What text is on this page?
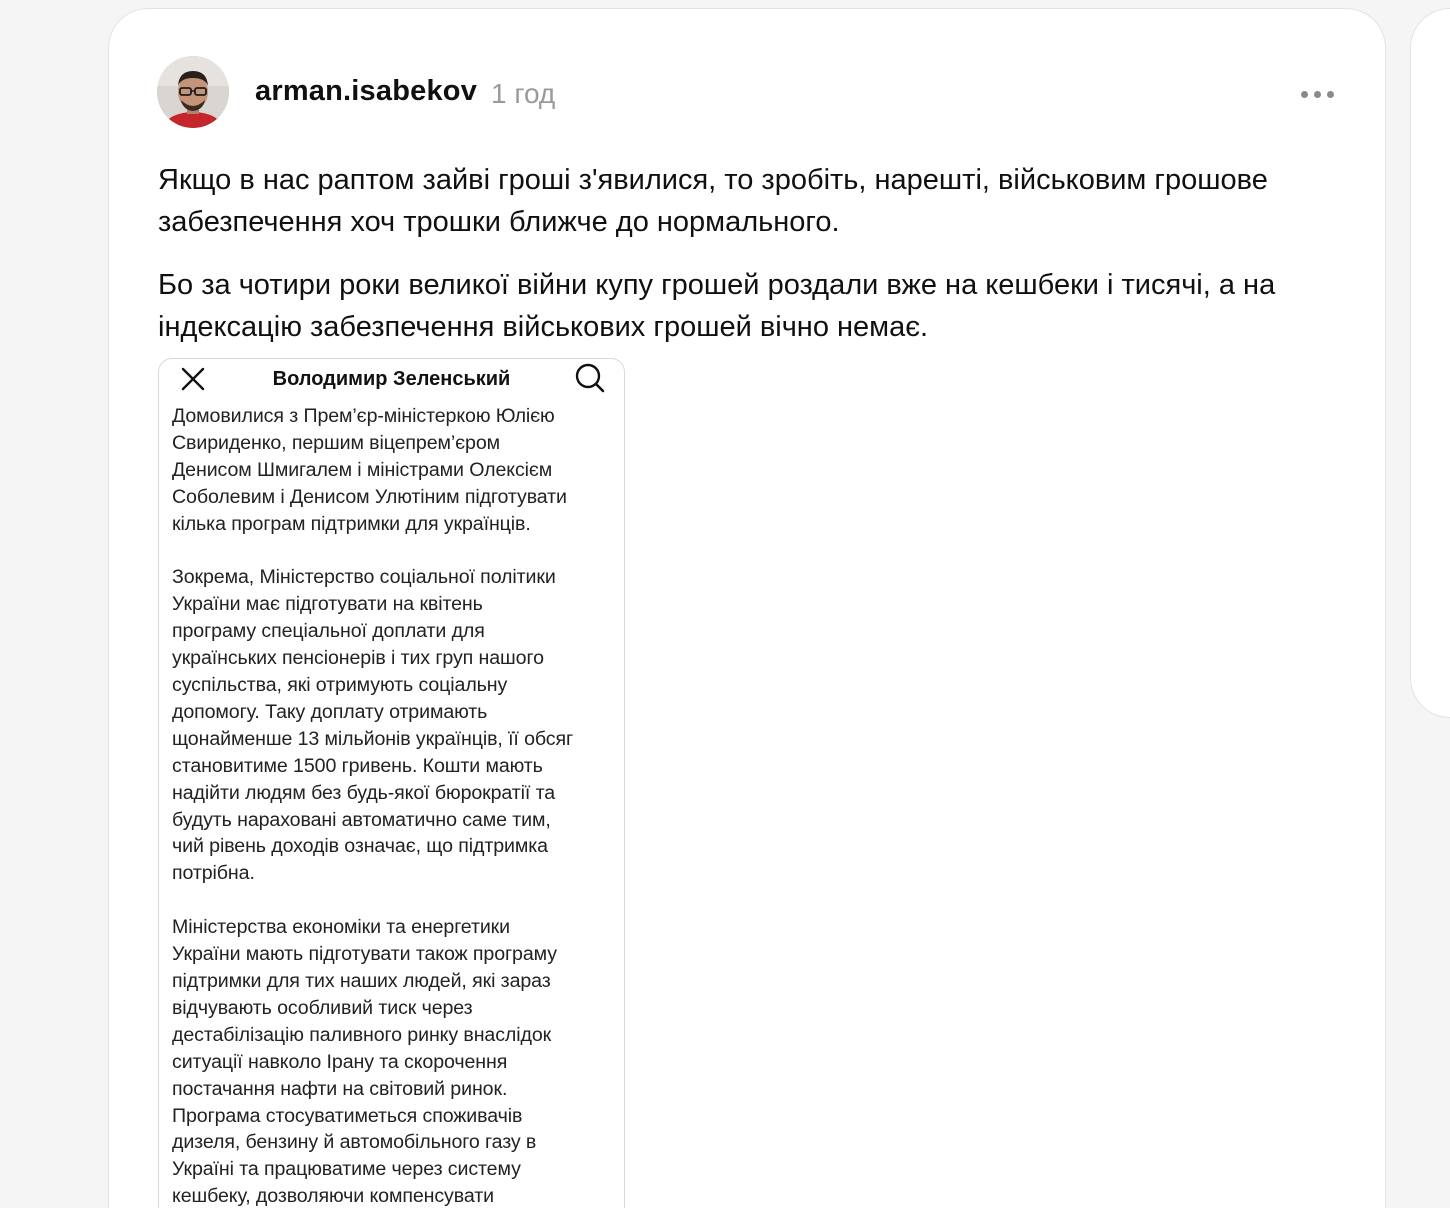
arman.isabekov 1 год

Якщо в нас раптом зайві гроші з'явилися, то зробіть, нарешті, військовим грошове забезпечення хоч трошки ближче до нормального.

Бо за чотири роки великої війни купу грошей роздали вже на кешбеки і тисячі, а на індексацію забезпечення військових грошей вічно немає.

Володимир Зеленський
Домовилися з Прем’єр-міністеркою Юлією
Свириденко, першим віцепрем’єром
Денисом Шмигалем і міністрами Олексієм
Соболевим і Денисом Улютіним підготувати
кілька програм підтримки для українців.
Зокрема, Міністерство соціальної політики
України має підготувати на квітень
програму спеціальної доплати для
українських пенсіонерів і тих груп нашого
суспільства, які отримують соціальну
допомогу. Таку доплату отримають
щонайменше 13 мільйонів українців, її обсяг
становитиме 1500 гривень. Кошти мають
надійти людям без будь-якої бюрократії та
будуть нараховані автоматично саме тим,
чий рівень доходів означає, що підтримка
потрібна.
Міністерства економіки та енергетики
України мають підготувати також програму
підтримки для тих наших людей, які зараз
відчувають особливий тиск через
дестабілізацію паливного ринку внаслідок
ситуації навколо Ірану та скорочення
постачання нафти на світовий ринок.
Програма стосуватиметься споживачів
дизеля, бензину й автомобільного газу в
Україні та працюватиме через систему
кешбеку, дозволяючи компенсувати
